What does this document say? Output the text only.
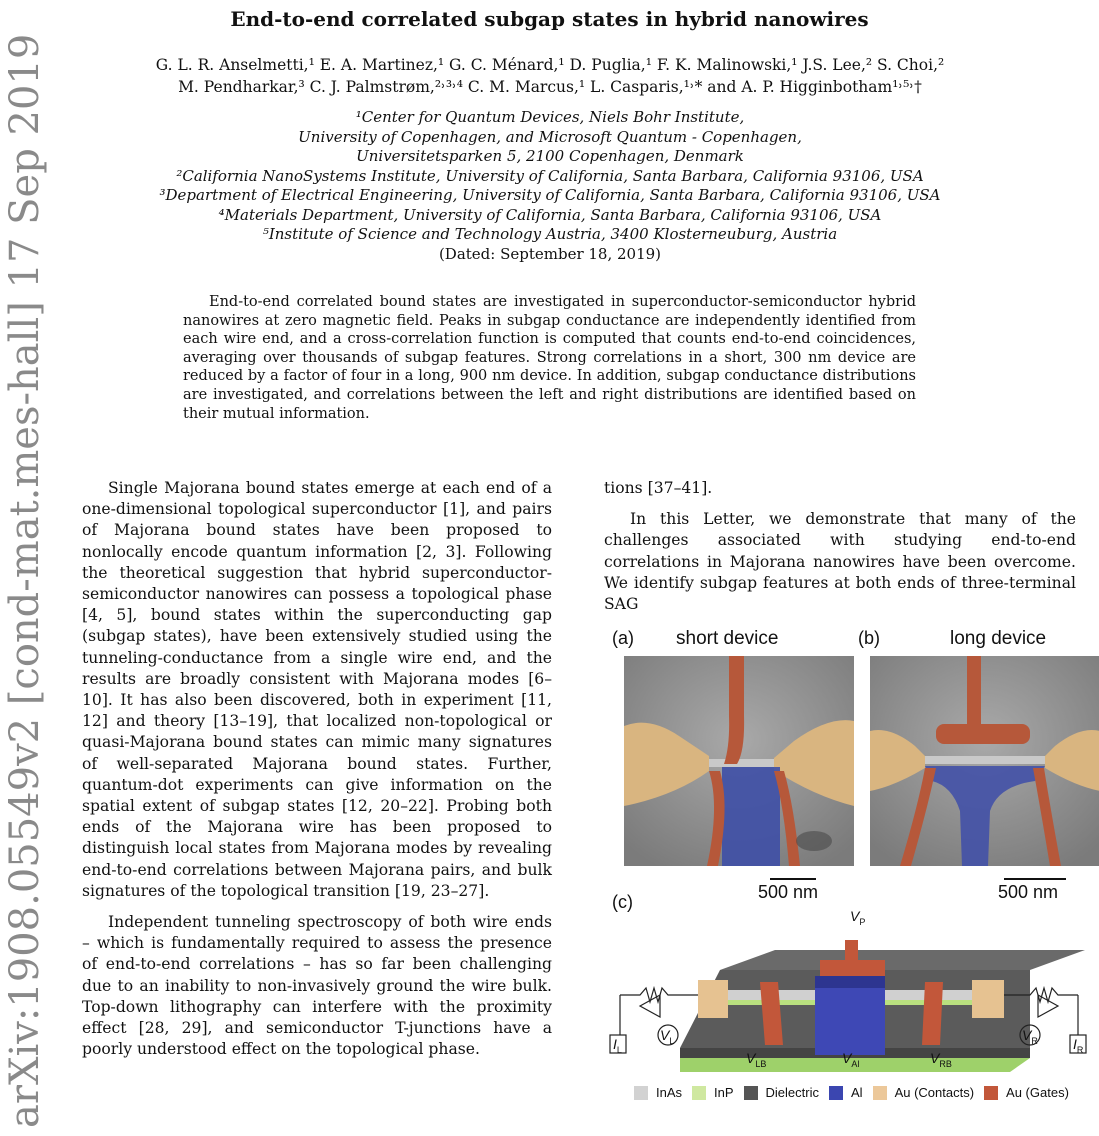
arXiv:1908.05549v2 [cond-mat.mes-hall] 17 Sep 2019
End-to-end correlated subgap states in hybrid nanowires
G. L. R. Anselmetti,¹ E. A. Martinez,¹ G. C. Ménard,¹ D. Puglia,¹ F. K. Malinowski,¹ J.S. Lee,² S. Choi,²
M. Pendharkar,³ C. J. Palmstrøm,²˒³˒⁴ C. M. Marcus,¹ L. Casparis,¹˒* and A. P. Higginbotham¹˒⁵˒†
¹Center for Quantum Devices, Niels Bohr Institute,
University of Copenhagen, and Microsoft Quantum - Copenhagen,
Universitetsparken 5, 2100 Copenhagen, Denmark
²California NanoSystems Institute, University of California, Santa Barbara, California 93106, USA
³Department of Electrical Engineering, University of California, Santa Barbara, California 93106, USA
⁴Materials Department, University of California, Santa Barbara, California 93106, USA
⁵Institute of Science and Technology Austria, 3400 Klosterneuburg, Austria
(Dated: September 18, 2019)
End-to-end correlated bound states are investigated in superconductor-semiconductor hybrid nanowires at zero magnetic field. Peaks in subgap conductance are independently identified from each wire end, and a cross-correlation function is computed that counts end-to-end coincidences, averaging over thousands of subgap features. Strong correlations in a short, 300 nm device are reduced by a factor of four in a long, 900 nm device. In addition, subgap conductance distributions are investigated, and correlations between the left and right distributions are identified based on their mutual information.

Single Majorana bound states emerge at each end of a one-dimensional topological superconductor [1], and pairs of Majorana bound states have been proposed to nonlocally encode quantum information [2, 3]. Following the theoretical suggestion that hybrid superconductor-semiconductor nanowires can possess a topological phase [4, 5], bound states within the superconducting gap (subgap states), have been extensively studied using the tunneling-conductance from a single wire end, and the results are broadly consistent with Majorana modes [6–10]. It has also been discovered, both in experiment [11, 12] and theory [13–19], that localized non-topological or quasi-Majorana bound states can mimic many signatures of well-separated Majorana bound states. Further, quantum-dot experiments can give information on the spatial extent of subgap states [12, 20–22]. Probing both ends of the Majorana wire has been proposed to distinguish local states from Majorana modes by revealing end-to-end correlations between Majorana pairs, and bulk signatures of the topological transition [19, 23–27].

Independent tunneling spectroscopy of both wire ends – which is fundamentally required to assess the presence of end-to-end correlations – has so far been challenging due to an inability to non-invasively ground the wire bulk. Top-down lithography can interfere with the proximity effect [28, 29], and semiconductor T-junctions have a poorly understood effect on the topological phase.

tions [37–41].

In this Letter, we demonstrate that many of the challenges associated with studying end-to-end correlations in Majorana nanowires have been overcome. We identify subgap features at both ends of three-terminal SAG

(a) short device
500 nm
(b)	long device
500 nm
(c)
$V_P$
$V_{LB}$	$V_{Al}$	$V_{RB}$
$V_L$	$V_R$
$I_L$	$I_R$
InAs InP Dielectric Al Au (Contacts) Au (Gates)
